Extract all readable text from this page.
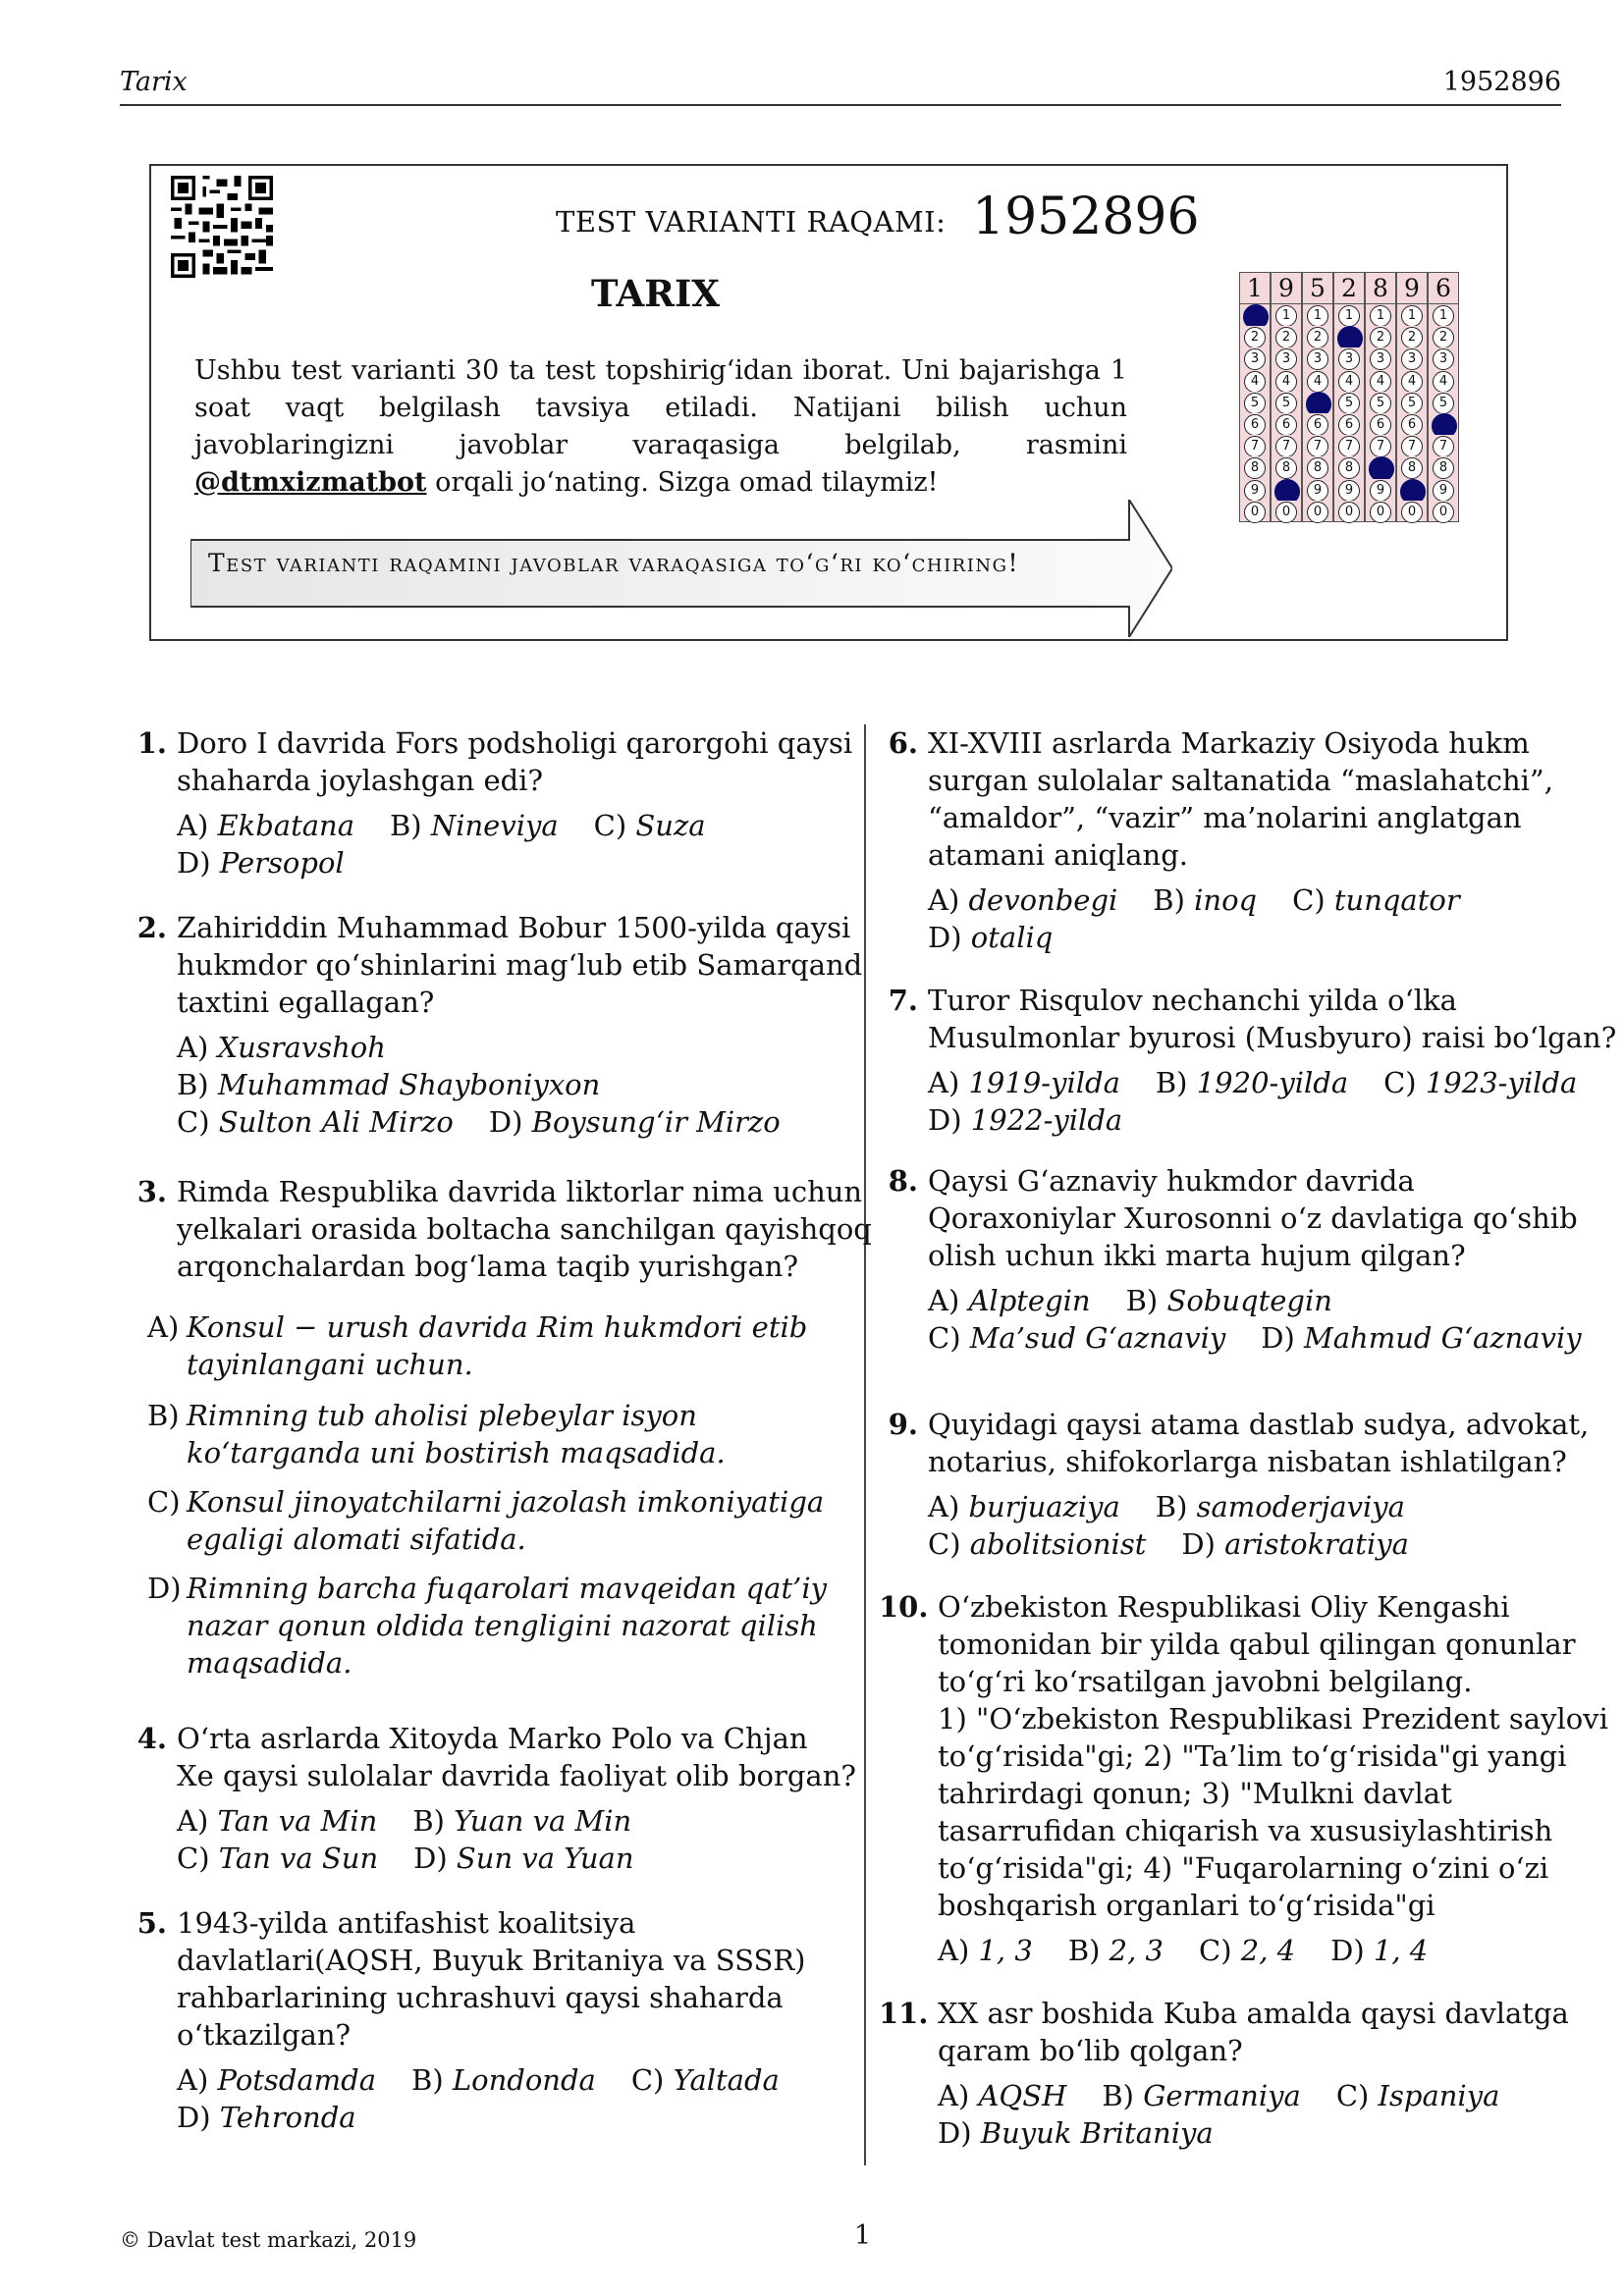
Tarix	1952896
TEST VARIANTI RAQAMI: 1952896
TARIX
Ushbu test varianti 30 ta test topshirig‘idan iborat. Uni bajarishga 1 soat vaqt belgilash tavsiya etiladi. Natijani bilish uchun javoblaringizni javoblar varaqasiga belgilab, rasmini @dtmxizmatbot orqali jo‘nating. Sizga omad tilaymiz!
Test varianti raqamini javoblar varaqasiga to‘g‘ri ko‘chiring!
1
2
3
4
5
6
7
8
9
0
9
1
2
3
4
5
6
7
8
0
5
1
2
3
4
6
7
8
9
0
2
1
3
4
5
6
7
8
9
0
8
1
2
3
4
5
6
7
9
0
9
1
2
3
4
5
6
7
8
0
6
1
2
3
4
5
7
8
9
0
1. Doro I davrida Fors podsholigi qarorgohi qaysi
shaharda joylashgan edi?
A) Ekbatana B) Nineviya C) Suza
D) Persopol
2. Zahiriddin Muhammad Bobur 1500-yilda qaysi
hukmdor qo‘shinlarini mag‘lub etib Samarqand
taxtini egallagan?
A) Xusravshoh
B) Muhammad Shayboniyxon
C) Sulton Ali Mirzo D) Boysung‘ir Mirzo
3. Rimda Respublika davrida liktorlar nima uchun
yelkalari orasida boltacha sanchilgan qayishqoq
arqonchalardan bog‘lama taqib yurishgan?
A) Konsul − urush davrida Rim hukmdori etib
tayinlangani uchun.
B) Rimning tub aholisi plebeylar isyon
ko‘targanda uni bostirish maqsadida.
C) Konsul jinoyatchilarni jazolash imkoniyatiga
egaligi alomati sifatida.
D) Rimning barcha fuqarolari mavqeidan qat’iy
nazar qonun oldida tengligini nazorat qilish
maqsadida.
4. O‘rta asrlarda Xitoyda Marko Polo va Chjan
Xe qaysi sulolalar davrida faoliyat olib borgan?
A) Tan va Min B) Yuan va Min
C) Tan va Sun D) Sun va Yuan
5. 1943-yilda antifashist koalitsiya
davlatlari(AQSH, Buyuk Britaniya va SSSR)
rahbarlarining uchrashuvi qaysi shaharda
o‘tkazilgan?
A) Potsdamda B) Londonda C) Yaltada
D) Tehronda
6. XI-XVIII asrlarda Markaziy Osiyoda hukm
surgan sulolalar saltanatida “maslahatchi”,
“amaldor”, “vazir” ma’nolarini anglatgan
atamani aniqlang.
A) devonbegi B) inoq C) tunqator
D) otaliq
7. Turor Risqulov nechanchi yilda o‘lka
Musulmonlar byurosi (Musbyuro) raisi bo‘lgan?
A) 1919-yilda B) 1920-yilda C) 1923-yilda
D) 1922-yilda
8. Qaysi G‘aznaviy hukmdor davrida
Qoraxoniylar Xurosonni o‘z davlatiga qo‘shib
olish uchun ikki marta hujum qilgan?
A) Alptegin B) Sobuqtegin
C) Ma’sud G‘aznaviy D) Mahmud G‘aznaviy
9. Quyidagi qaysi atama dastlab sudya, advokat,
notarius, shifokorlarga nisbatan ishlatilgan?
A) burjuaziya B) samoderjaviya
C) abolitsionist D) aristokratiya
10. O‘zbekiston Respublikasi Oliy Kengashi
tomonidan bir yilda qabul qilingan qonunlar
to‘g‘ri ko‘rsatilgan javobni belgilang.
1) "O‘zbekiston Respublikasi Prezident saylovi
to‘g‘risida"gi; 2) "Ta’lim to‘g‘risida"gi yangi
tahrirdagi qonun; 3) "Mulkni davlat
tasarrufidan chiqarish va xususiylashtirish
to‘g‘risida"gi; 4) "Fuqarolarning o‘zini o‘zi
boshqarish organlari to‘g‘risida"gi
A) 1, 3 B) 2, 3 C) 2, 4 D) 1, 4
11. XX asr boshida Kuba amalda qaysi davlatga
qaram bo‘lib qolgan?
A) AQSH B) Germaniya C) Ispaniya
D) Buyuk Britaniya
© Davlat test markazi, 2019	1
